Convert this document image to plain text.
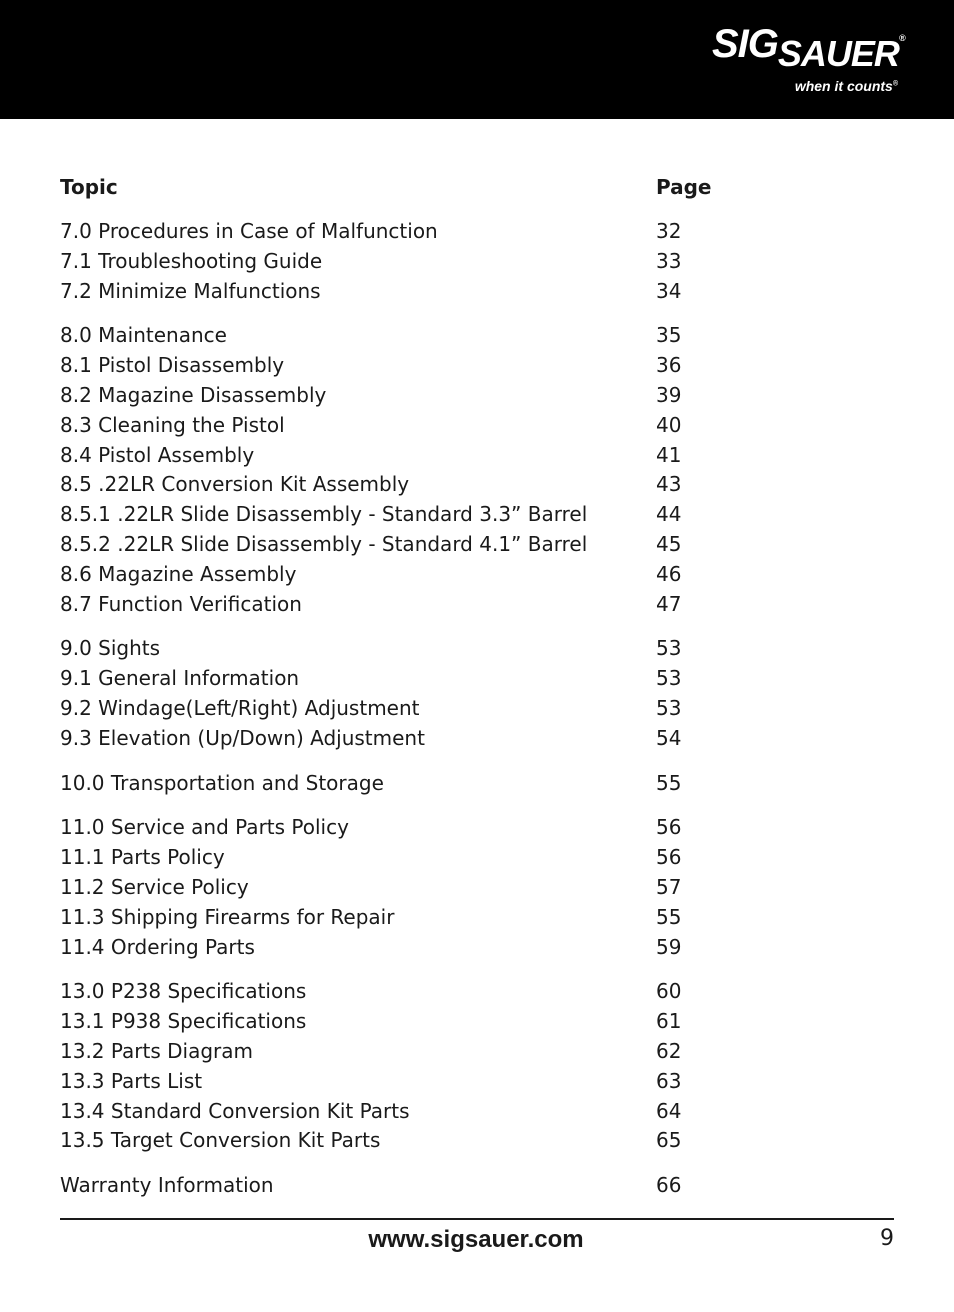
SIGSAUER®
when it counts®
Topic	Page
7.0 Procedures in Case of Malfunction	32
7.1 Troubleshooting Guide	33
7.2 Minimize Malfunctions	34
8.0 Maintenance	35
8.1 Pistol Disassembly	36
8.2 Magazine Disassembly	39
8.3 Cleaning the Pistol	40
8.4 Pistol Assembly	41
8.5 .22LR Conversion Kit Assembly	43
8.5.1 .22LR Slide Disassembly - Standard 3.3” Barrel	44
8.5.2 .22LR Slide Disassembly - Standard 4.1” Barrel	45
8.6 Magazine Assembly	46
8.7 Function Verification	47
9.0 Sights	53
9.1 General Information	53
9.2 Windage(Left/Right) Adjustment	53
9.3 Elevation (Up/Down) Adjustment	54
10.0 Transportation and Storage	55
11.0 Service and Parts Policy	56
11.1 Parts Policy	56
11.2 Service Policy	57
11.3 Shipping Firearms for Repair	55
11.4 Ordering Parts	59
13.0 P238 Specifications	60
13.1 P938 Specifications	61
13.2 Parts Diagram	62
13.3 Parts List	63
13.4 Standard Conversion Kit Parts	64
13.5 Target Conversion Kit Parts	65
Warranty Information	66
www.sigsauer.com	9
